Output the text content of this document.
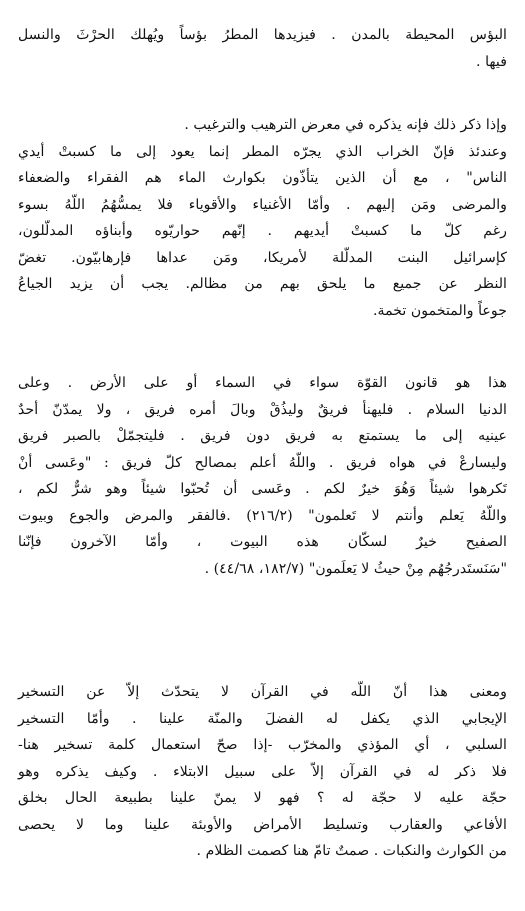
البؤس المحيطة بالمدن . فيزيدها المطرُ بؤساً ويُهلك الحرْثَ والنسل
فيها .

وإذا ذكر ذلك فإنه يذكره في معرض الترهيب والترغيب .
وعندئذ فإنّ الخراب الذي يجرّه المطر إنما يعود إلى ما كسبتْ أيدي
الناس" ، مع أن الذين يتأذّون بكوارث الماء هم الفقراء والضعفاء
والمرضى ومَن إليهم . وأمّا الأغنياء والأقوياء فلا يمسُّهُمُ اللّهُ بسوء
رغم كلّ ما كسبتْ أيديهم . إنّهم حواريّوه وأبناؤه المدلّلون،
كإسرائيل البنت المدلّلة لأمريكا، ومَن عداها فإرهابيّون. تغضّ
النظر عن جميع ما يلحق بهم من مظالم. يجب أن يزيد الجياعُ
جوعاً والمتخمون تخمة.

هذا هو قانون القوّة سواء في السماء أو على الأرض . وعلى
الدنيا السلام . فليهنأ فريقٌ وليذُقْ وبالَ أمره فريق ، ولا يمدّنّ أحدٌ
عينيه إلى ما يستمتع به فريق دون فريق . فليتجمّلْ بالصبر فريق
وليسارعْ في هواه فريق . واللّهُ أعلم بمصالح كلّ فريق : "وعَسى أنْ
تَكرهوا شيئاً وَهُوَ خيرٌ لكم . وعَسى أن تُحبّوا شيئاً وهو شرٌّ لكم ،
واللّهُ يَعلم وأنتم لا تَعلمون" (٢١٦/٢) .فالفقر والمرض والجوع وبيوت
الصفيح خيرٌ لسكّان هذه البيوت ، وأمّا الآخرون فإنّنا
"سَنَستَدرجُهُم مِنْ حيثُ لا يَعلَمون" (١٨٢/٧، ٤٤/٦٨) .

ومعنى هذا أنّ اللّه في القرآن لا يتحدّث إلاّ عن التسخير
الإيجابي الذي يكفل له الفضلَ والمنّة علينا . وأمّا التسخير
السلبي ، أي المؤذي والمخرّب -إذا صحّ استعمال كلمة تسخير هنا-
فلا ذكر له في القرآن إلاّ على سبيل الابتلاء . وكيف يذكره وهو
حجّة عليه لا حجّة له ؟ فهو لا يمنّ علينا بطبيعة الحال بخلق
الأفاعي والعقارب وتسليط الأمراض والأوبئة علينا وما لا يحصى
من الكوارث والنكبات . صمتٌ تامّ هنا كصمت الظلام .
